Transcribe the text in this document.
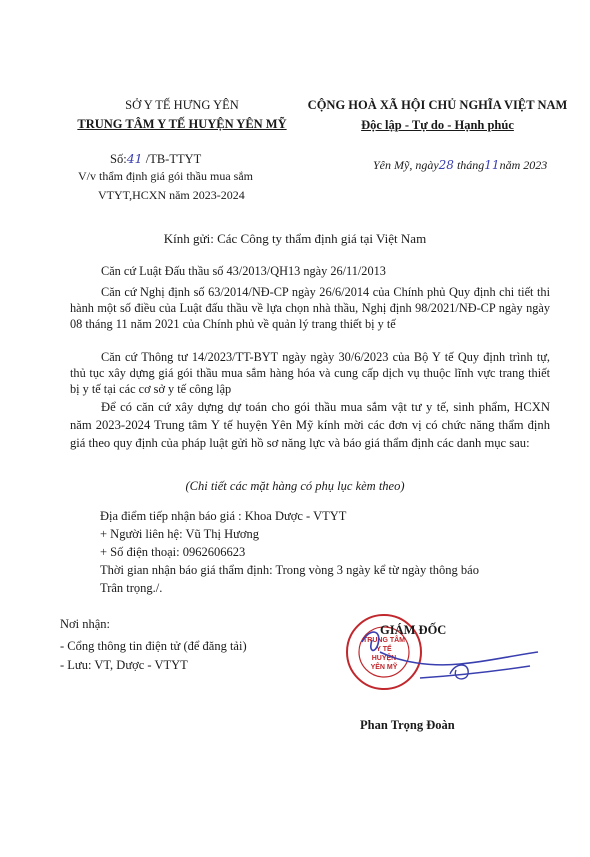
SỞ Y TẾ HƯNG YÊN
TRUNG TÂM Y TẾ HUYỆN YÊN MỸ
Số:41 /TB-TTYT
V/v thẩm định giá gói thầu mua sắm
VTYT,HCXN năm 2023-2024
CỘNG HOÀ XÃ HỘI CHỦ NGHĨA VIỆT NAM
Độc lập - Tự do - Hạnh phúc
Yên Mỹ, ngày28 tháng11năm 2023
Kính gửi: Các Công ty thẩm định giá tại Việt Nam
Căn cứ Luật Đấu thầu số 43/2013/QH13 ngày 26/11/2013
Căn cứ Nghị định số 63/2014/NĐ-CP ngày 26/6/2014 của Chính phủ Quy định chi tiết thi hành một số điều của Luật đấu thầu về lựa chọn nhà thầu, Nghị định 98/2021/NĐ-CP ngày ngày 08 tháng 11 năm 2021 của Chính phủ về quản lý trang thiết bị y tế
Căn cứ Thông tư 14/2023/TT-BYT ngày ngày 30/6/2023 của Bộ Y tế Quy định trình tự, thủ tục xây dựng giá gói thầu mua sắm hàng hóa và cung cấp dịch vụ thuộc lĩnh vực trang thiết bị y tế tại các cơ sở y tế công lập
Để có căn cứ xây dựng dự toán cho gói thầu mua sắm vật tư y tế, sinh phẩm, HCXN năm 2023-2024 Trung tâm Y tế huyện Yên Mỹ kính mời các đơn vị có chức năng thẩm định giá theo quy định của pháp luật gửi hồ sơ năng lực và báo giá thẩm định các danh mục sau:
(Chi tiết các mặt hàng có phụ lục kèm theo)
Địa điểm tiếp nhận báo giá : Khoa Dược - VTYT
+ Người liên hệ: Vũ Thị Hương
+ Số điện thoại: 0962606623
Thời gian nhận báo giá thẩm định: Trong vòng 3 ngày kể từ ngày thông báo
Trân trọng./.
Nơi nhận:
- Cổng thông tin điện tử (để đăng tải)
- Lưu: VT, Dược - VTYT
TRUNG TÂM
Y TẾ
HUYỆN
YÊN MỸ
GIÁM ĐỐC
Phan Trọng Đoàn
